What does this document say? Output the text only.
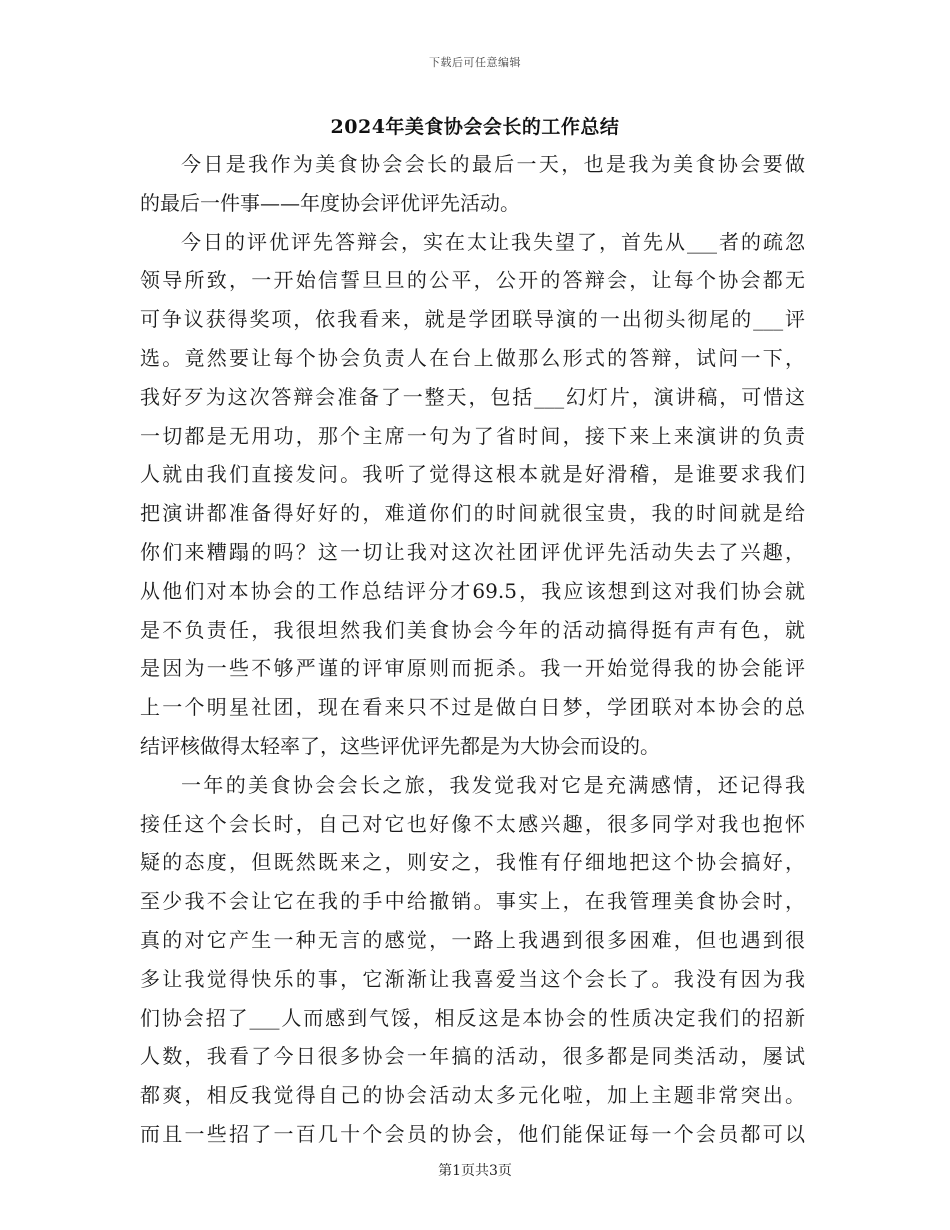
下载后可任意编辑
2024年美食协会会长的工作总结
今日是我作为美食协会会长的最后一天，也是我为美食协会要做
的最后一件事——年度协会评优评先活动。
今日的评优评先答辩会，实在太让我失望了，首先从___者的疏忽
领导所致，一开始信誓旦旦的公平，公开的答辩会，让每个协会都无
可争议获得奖项，依我看来，就是学团联导演的一出彻头彻尾的___评
选。竟然要让每个协会负责人在台上做那么形式的答辩，试问一下，
我好歹为这次答辩会准备了一整天，包括___幻灯片，演讲稿，可惜这
一切都是无用功，那个主席一句为了省时间，接下来上来演讲的负责
人就由我们直接发问。我听了觉得这根本就是好滑稽，是谁要求我们
把演讲都准备得好好的，难道你们的时间就很宝贵，我的时间就是给
你们来糟蹋的吗？这一切让我对这次社团评优评先活动失去了兴趣，
从他们对本协会的工作总结评分才69.5，我应该想到这对我们协会就
是不负责任，我很坦然我们美食协会今年的活动搞得挺有声有色，就
是因为一些不够严谨的评审原则而扼杀。我一开始觉得我的协会能评
上一个明星社团，现在看来只不过是做白日梦，学团联对本协会的总
结评核做得太轻率了，这些评优评先都是为大协会而设的。
一年的美食协会会长之旅，我发觉我对它是充满感情，还记得我
接任这个会长时，自己对它也好像不太感兴趣，很多同学对我也抱怀
疑的态度，但既然既来之，则安之，我惟有仔细地把这个协会搞好，
至少我不会让它在我的手中给撤销。事实上，在我管理美食协会时，
真的对它产生一种无言的感觉，一路上我遇到很多困难，但也遇到很
多让我觉得快乐的事，它渐渐让我喜爱当这个会长了。我没有因为我
们协会招了___人而感到气馁，相反这是本协会的性质决定我们的招新
人数，我看了今日很多协会一年搞的活动，很多都是同类活动，屡试
都爽，相反我觉得自己的协会活动太多元化啦，加上主题非常突出。
而且一些招了一百几十个会员的协会，他们能保证每一个会员都可以
第1页共3页
